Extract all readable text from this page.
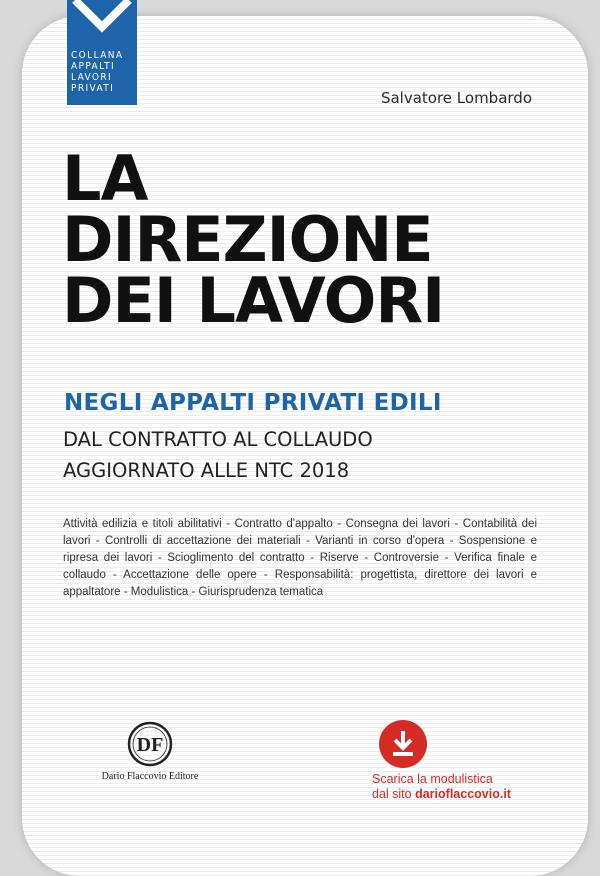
COLLANA
APPALTI
LAVORI
PRIVATI
Salvatore Lombardo
LA
DIREZIONE
DEI LAVORI
NEGLI APPALTI PRIVATI EDILI
DAL CONTRATTO AL COLLAUDO
AGGIORNATO ALLE NTC 2018
Attività edilizia e titoli abilitativi - Contratto d'appalto - Consegna dei lavori - Contabilità dei lavori - Controlli di accettazione dei materiali - Varianti in corso d'opera - Sospensione e ripresa dei lavori - Scioglimento del contratto - Riserve - Controversie - Verifica finale e collaudo - Accettazione delle opere - Responsabilità: progettista, direttore dei lavori e appaltatore - Modulistica - Giurisprudenza tematica
DF
Dario Flaccovio Editore	Scarica la modulistica
dal sito darioflaccovio.it
